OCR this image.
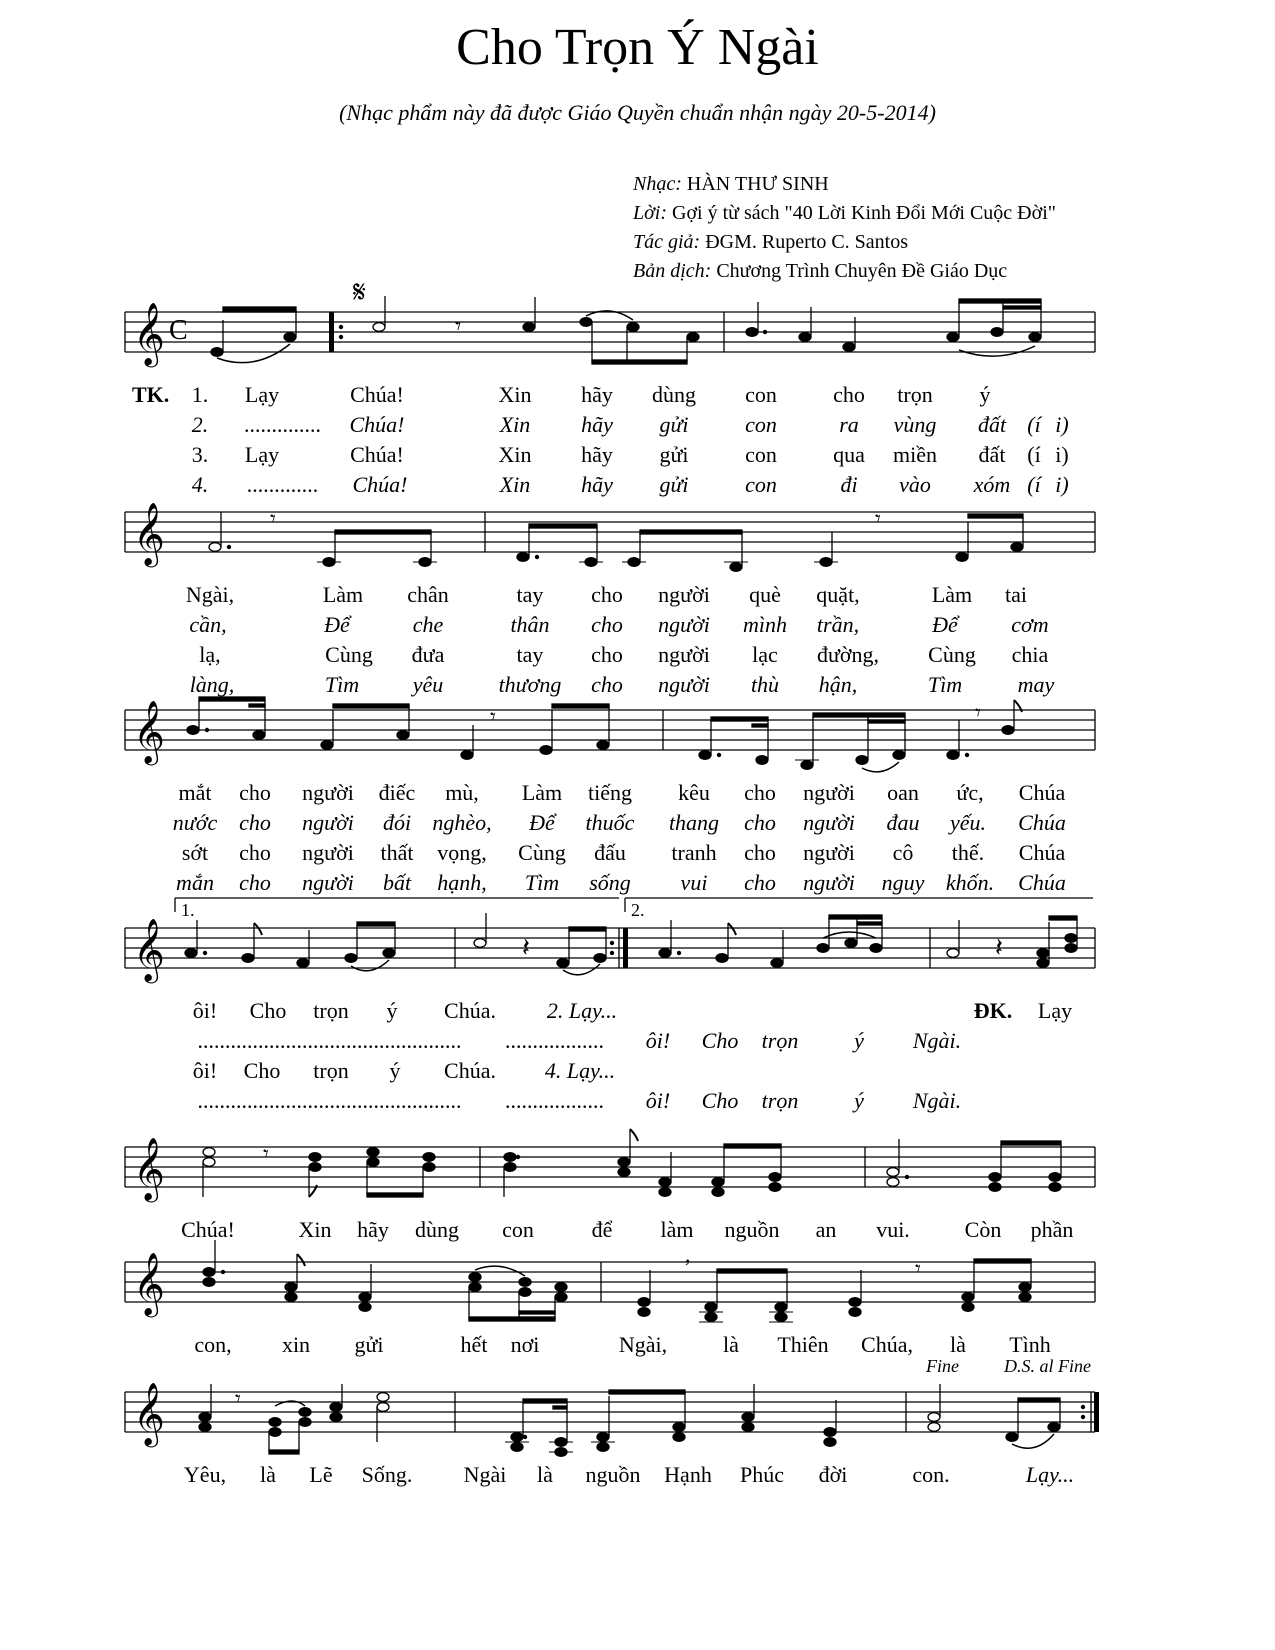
Cho Trọn Ý Ngài
(Nhạc phẩm này đã được Giáo Quyền chuẩn nhận ngày 20-5-2014)
Nhạc: HÀN THƯ SINH
Lời: Gợi ý từ sách "40 Lời Kinh Đổi Mới Cuộc Đời"
Tác giả: ĐGM. Ruperto C. Santos
Bản dịch: Chương Trình Chuyên Đề Giáo Dục
𝄞 C
𝄋
𝄾
TK. 1. Lạy	Chúa!	Xin hãy dùng con	cho trọn ý
2. .............. Chúa!	Xin hãy gửi	con	ra vùng đất (í i)
3. Lạy	Chúa!	Xin hãy gửi	con	qua miền đất (í i)
4. ............. Chúa!	Xin hãy gửi	con	đi vào xóm (í i)
𝄞	𝄾	𝄾
Ngài,	Làm chân	tay cho người què quặt,	Làm tai
cần,	Để	che	thân cho người mình trần,	Để cơm
lạ,	Cùng đưa	tay cho người lạc đường, Cùng chia
làng,	Tìm yêu	thương cho người thù hận,	Tìm	may
𝄞	𝄾	𝄾
mắt cho người điếc mù, Làm tiếng kêu cho người oan ức, Chúa
nước cho người đói nghèo, Để thuốc thang cho người đau yếu. Chúa
sớt cho người thất vọng, Cùng đấu tranh cho người cô thế. Chúa
mắn cho người bất hạnh, Tìm sống vui cho người nguy khốn. Chúa
1.	2.
𝄞	𝄽	𝄽
ôi! Cho trọn ý Chúa. 2. Lạy...	ĐK. Lạy
................................................ .................. ôi! Cho trọn	ý Ngài.
ôi! Cho trọn ý Chúa. 4. Lạy...
................................................ .................. ôi! Cho trọn	ý Ngài.
𝄞	𝄾
Chúa!	Xin hãy dùng con	để làm nguồn an vui. Còn phần
𝄞	,
𝄾
con, xin gửi	hết nơi	Ngài,	là Thiên Chúa, là Tình
Fine	D.S. al Fine
𝄞	𝄾
Yêu, là Lẽ Sống. Ngài là nguồn Hạnh Phúc đời	con.	Lạy...
